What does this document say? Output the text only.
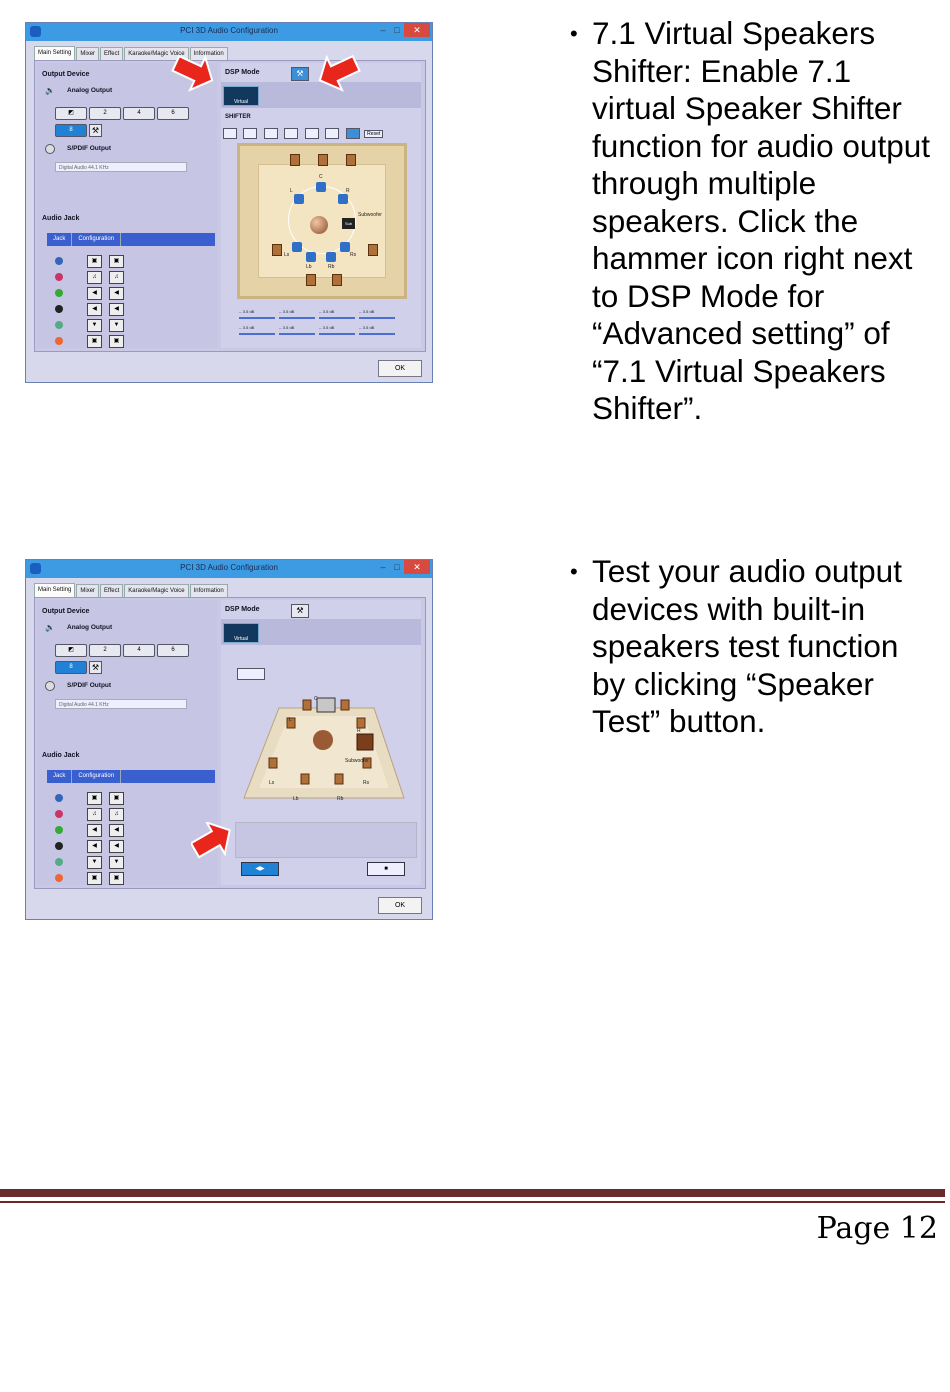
PCI 3D Audio Configuration	– □	✕
Main Setting	Mixer	Effect	Karaoke/Magic Voice	Information
Output Device
Analog Output
🔈
◩	2	4	6
8	⚒
S/PDIF Output
Digital Audio 44.1 KHz
Audio Jack
Jack Configuration
▣	▣
♫	♫
◀	◀
◀	◀
▼	▼
▣	▣
DSP Mode	⚒
Virtual
SHIFTER
Reset
C
L	R
Sub
Subwoofer
Ls	Rs
Lb	Rb
-- 3.5 dB	-- 3.5 dB	-- 3.5 dB	-- 3.5 dB
-- 3.5 dB	-- 3.5 dB	-- 3.5 dB	-- 3.5 dB
OK
PCI 3D Audio Configuration	– □	✕
Main Setting	Mixer	Effect	Karaoke/Magic Voice	Information
Output Device
Analog Output
🔈
◩	2	4	6
8	⚒
S/PDIF Output
Digital Audio 44.1 KHz
Audio Jack
Jack Configuration
▣	▣
♫	♫
◀	◀
◀	◀
▼	▼
▣	▣
DSP Mode	⚒
Virtual
C
L
R
Subwoofer
Ls	Rs
Lb	Rb
◀▶	■
OK
• 7.1 Virtual Speakers Shifter: Enable 7.1 virtual Speaker Shifter function for audio output through multiple speakers. Click the hammer icon right next to DSP Mode for “Advanced setting” of “7.1 Virtual Speakers Shifter”.
• Test your audio output devices with built-in speakers test function by clicking “Speaker Test” button.
Page 12
